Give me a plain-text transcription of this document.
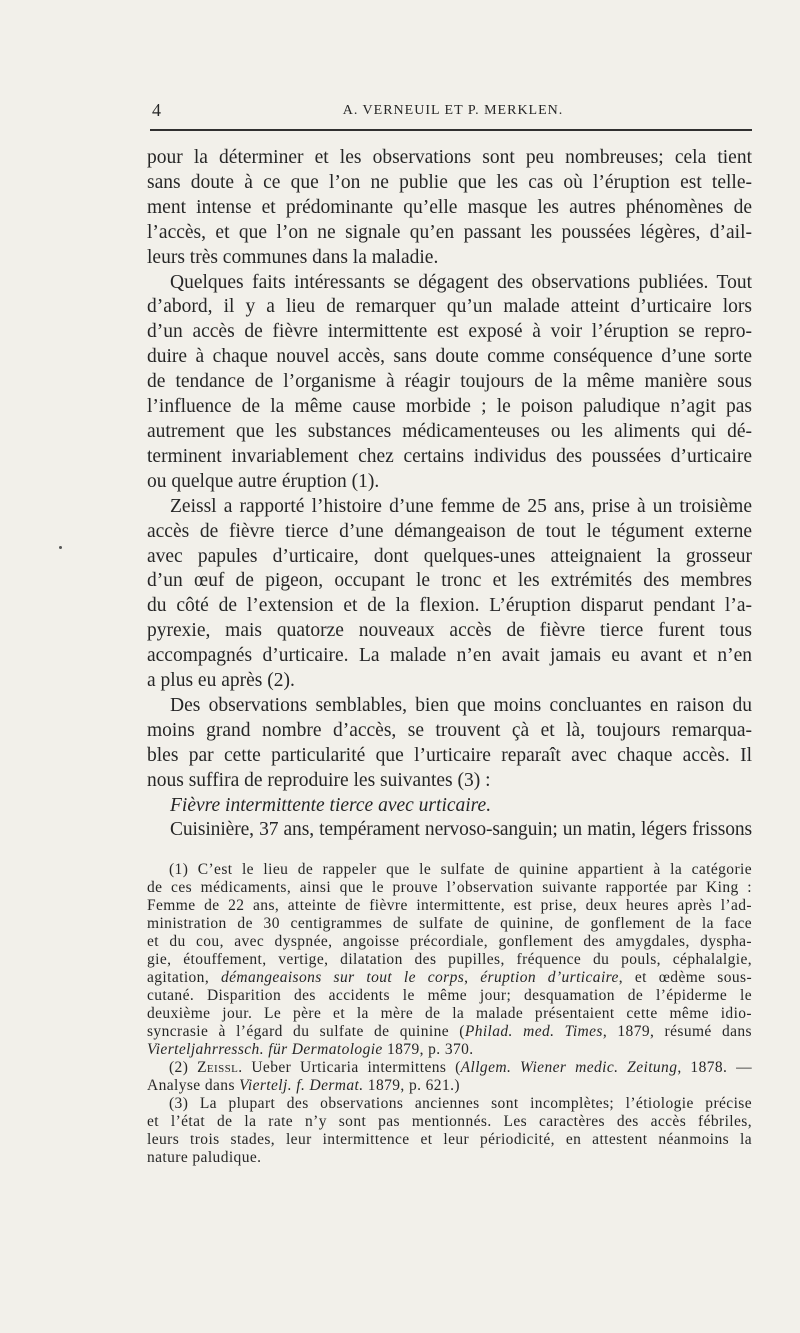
4	A. VERNEUIL ET P. MERKLEN.
pour la déterminer et les observations sont peu nombreuses; cela tient
sans doute à ce que l’on ne publie que les cas où l’éruption est telle-
ment intense et prédominante qu’elle masque les autres phénomènes de
l’accès, et que l’on ne signale qu’en passant les poussées légères, d’ail-
leurs très communes dans la maladie.
Quelques faits intéressants se dégagent des observations publiées. Tout
d’abord, il y a lieu de remarquer qu’un malade atteint d’urticaire lors
d’un accès de fièvre intermittente est exposé à voir l’éruption se repro-
duire à chaque nouvel accès, sans doute comme conséquence d’une sorte
de tendance de l’organisme à réagir toujours de la même manière sous
l’influence de la même cause morbide ; le poison paludique n’agit pas
autrement que les substances médicamenteuses ou les aliments qui dé-
terminent invariablement chez certains individus des poussées d’urticaire
ou quelque autre éruption (1).
Zeissl a rapporté l’histoire d’une femme de 25 ans, prise à un troisième
accès de fièvre tierce d’une démangeaison de tout le tégument externe
avec papules d’urticaire, dont quelques-unes atteignaient la grosseur
d’un œuf de pigeon, occupant le tronc et les extrémités des membres
du côté de l’extension et de la flexion. L’éruption disparut pendant l’a-
pyrexie, mais quatorze nouveaux accès de fièvre tierce furent tous
accompagnés d’urticaire. La malade n’en avait jamais eu avant et n’en
a plus eu après (2).
Des observations semblables, bien que moins concluantes en raison du
moins grand nombre d’accès, se trouvent çà et là, toujours remarqua-
bles par cette particularité que l’urticaire reparaît avec chaque accès. Il
nous suffira de reproduire les suivantes (3) :
Fièvre intermittente tierce avec urticaire.
Cuisinière, 37 ans, tempérament nervoso-sanguin; un matin, légers frissons
(1) C’est le lieu de rappeler que le sulfate de quinine appartient à la catégorie
de ces médicaments, ainsi que le prouve l’observation suivante rapportée par King :
Femme de 22 ans, atteinte de fièvre intermittente, est prise, deux heures après l’ad-
ministration de 30 centigrammes de sulfate de quinine, de gonflement de la face
et du cou, avec dyspnée, angoisse précordiale, gonflement des amygdales, dyspha-
gie, étouffement, vertige, dilatation des pupilles, fréquence du pouls, céphalalgie,
agitation, démangeaisons sur tout le corps, éruption d’urticaire, et œdème sous-
cutané. Disparition des accidents le même jour; desquamation de l’épiderme le
deuxième jour. Le père et la mère de la malade présentaient cette même idio-
syncrasie à l’égard du sulfate de quinine (Philad. med. Times, 1879, résumé dans
Vierteljahrressch. für Dermatologie 1879, p. 370.
(2) Zeissl. Ueber Urticaria intermittens (Allgem. Wiener medic. Zeitung, 1878. —
Analyse dans Viertelj. f. Dermat. 1879, p. 621.)
(3) La plupart des observations anciennes sont incomplètes; l’étiologie précise
et l’état de la rate n’y sont pas mentionnés. Les caractères des accès fébriles,
leurs trois stades, leur intermittence et leur périodicité, en attestent néanmoins la
nature paludique.
